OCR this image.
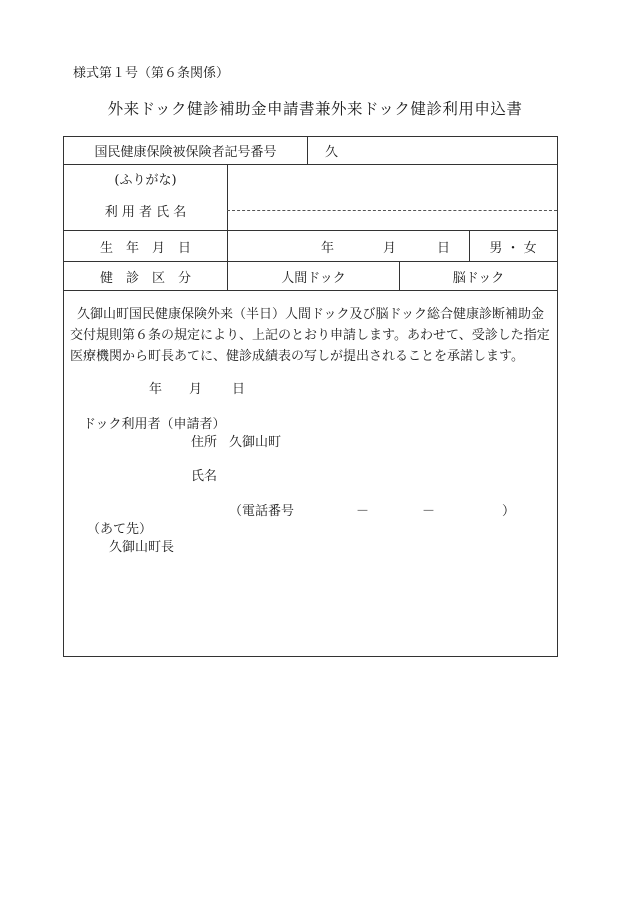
様式第１号（第６条関係）
外来ドック健診補助金申請書兼外来ドック健診利用申込書
国民健康保険被保険者記号番号	久
(ふりがな)
利 用 者 氏 名
生　年　月　日	年	月	日	男 ・ 女
健　診　区　分	人間ドック	脳ドック
久御山町国民健康保険外来（半日）人間ドック及び脳ドック総合健康診断補助金交付規則第６条の規定により、上記のとおり申請します。あわせて、受診した指定医療機関から町長あてに、健診成績表の写しが提出されることを承諾します。
年 月 日
ドック利用者（申請者）
住所 久御山町
氏名
（電話番号	－	－	）
（あて先）
久御山町長
